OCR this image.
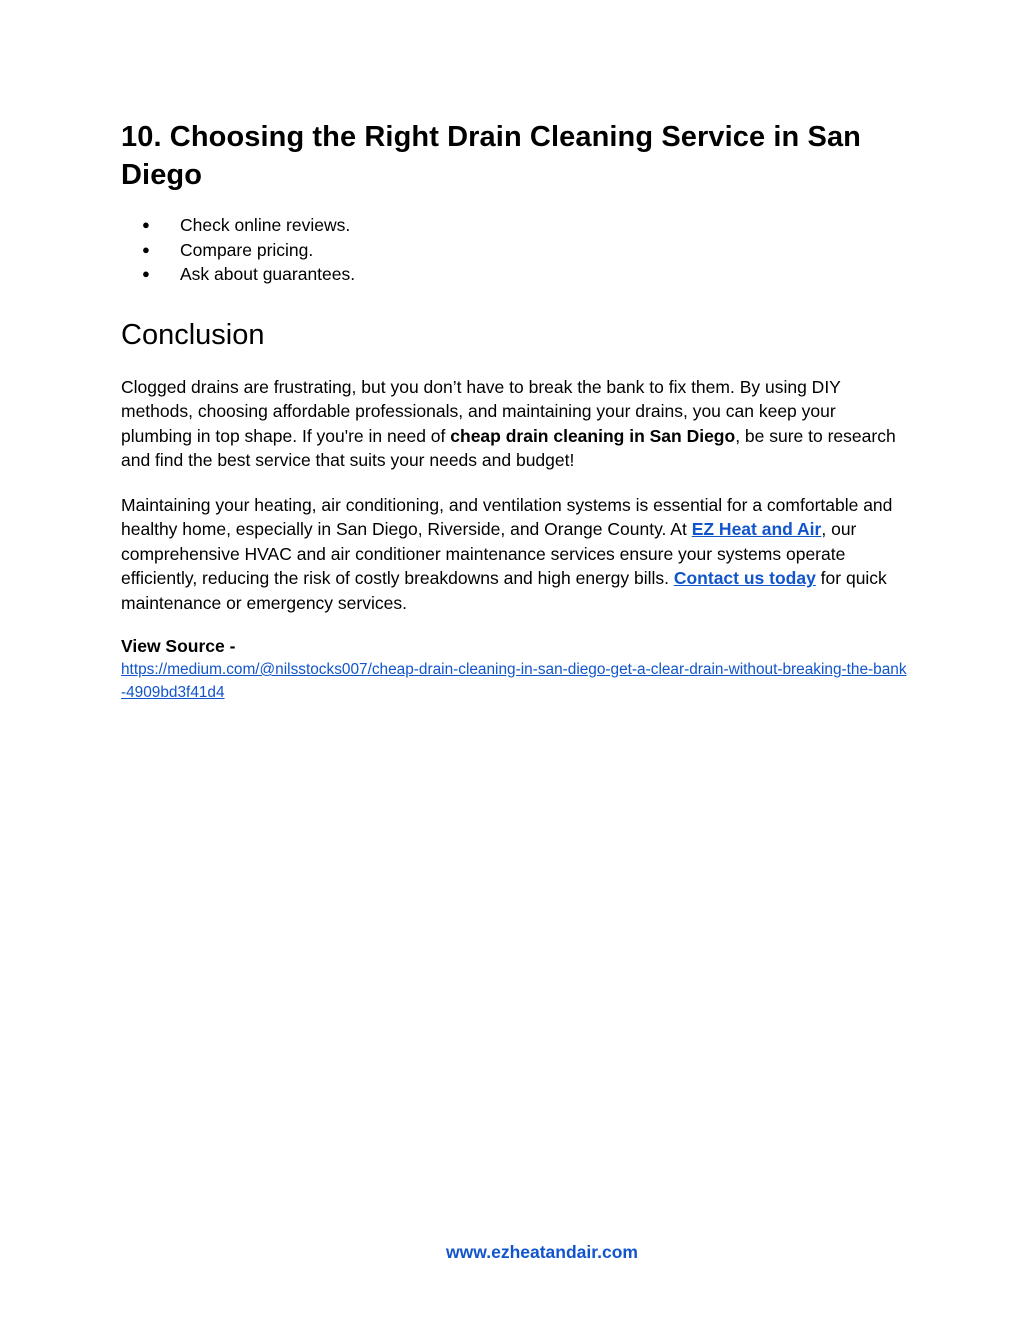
10. Choosing the Right Drain Cleaning Service in San Diego
● Check online reviews.
● Compare pricing.
● Ask about guarantees.
Conclusion

Clogged drains are frustrating, but you don’t have to break the bank to fix them. By using DIY methods, choosing affordable professionals, and maintaining your drains, you can keep your plumbing in top shape. If you're in need of cheap drain cleaning in San Diego, be sure to research and find the best service that suits your needs and budget!

Maintaining your heating, air conditioning, and ventilation systems is essential for a comfortable and healthy home, especially in San Diego, Riverside, and Orange County. At EZ Heat and Air, our comprehensive HVAC and air conditioner maintenance services ensure your systems operate efficiently, reducing the risk of costly breakdowns and high energy bills. Contact us today for quick maintenance or emergency services.

View Source -
https://medium.com/@nilsstocks007/cheap-drain-cleaning-in-san-diego-get-a-clear-drain-without-breaking-the-bank-4909bd3f41d4
www.ezheatandair.com
